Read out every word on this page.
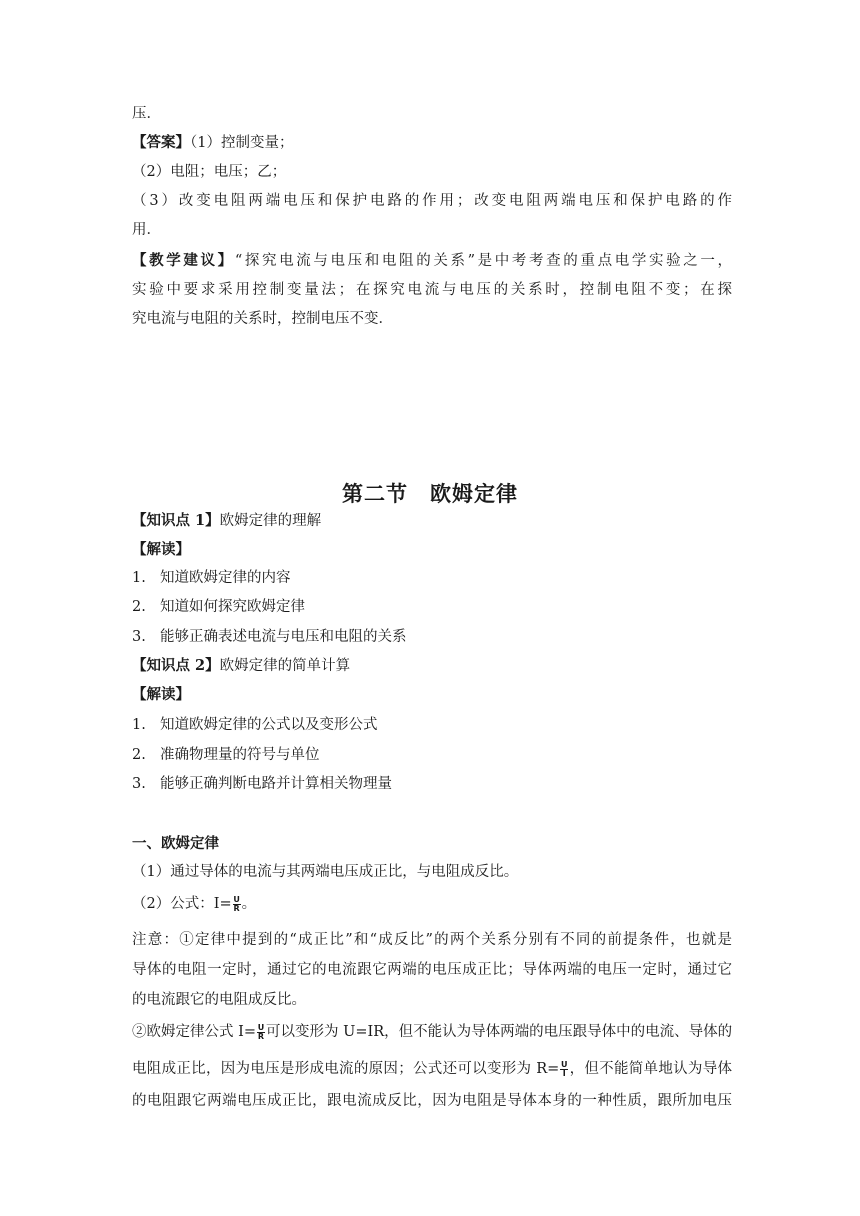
压．
【答案】（1）控制变量；
（2）电阻；电压；乙；
（3）改变电阻两端电压和保护电路的作用；改变电阻两端电压和保护电路的作
用．
【教学建议】“探究电流与电压和电阻的关系”是中考考查的重点电学实验之一，
实验中要求采用控制变量法；在探究电流与电压的关系时，控制电阻不变；在探
究电流与电阻的关系时，控制电压不变．
第二节　欧姆定律
【知识点 1】欧姆定律的理解
【解读】
1. 知道欧姆定律的内容
2. 知道如何探究欧姆定律
3. 能够正确表述电流与电压和电阻的关系
【知识点 2】欧姆定律的简单计算
【解读】
1. 知道欧姆定律的公式以及变形公式
2. 准确物理量的符号与单位
3. 能够正确判断电路并计算相关物理量
一、欧姆定律
（1）通过导体的电流与其两端电压成正比，与电阻成反比。
（2）公式：$I= \frac{U}{R}$ 。
注意：①定律中提到的“成正比”和“成反比”的两个关系分别有不同的前提条件，也就是
导体的电阻一定时，通过它的电流跟它两端的电压成正比；导体两端的电压一定时，通过它
的电流跟它的电阻成反比。
②欧姆定律公式 $I= \frac{U}{R}$ 可以变形为 U=IR，但不能认为导体两端的电压跟导体中的电流、导体的
电阻成正比，因为电压是形成电流的原因；公式还可以变形为 $R= \frac{U}{I}$ ，但不能简单地认为导体
的电阻跟它两端电压成正比，跟电流成反比，因为电阻是导体本身的一种性质，跟所加电压
